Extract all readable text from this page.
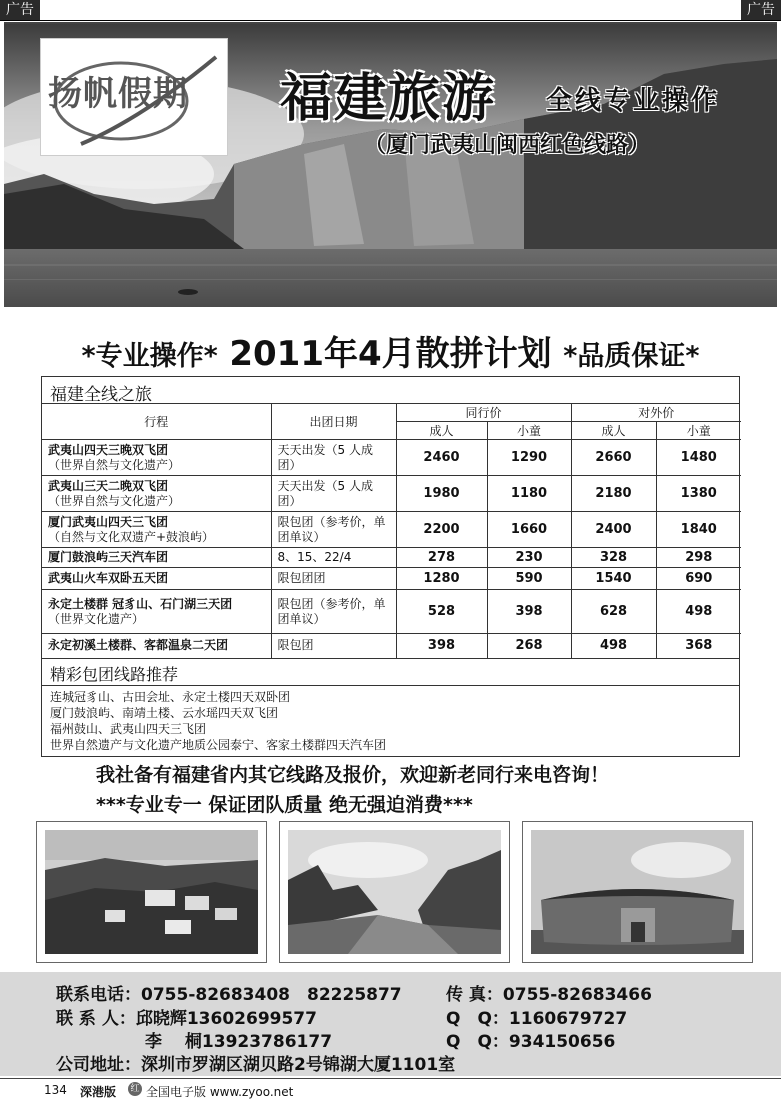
广告	广告
扬帆假期 福建旅游 全线专业操作
（厦门武夷山闽西红色线路）
*专业操作* 2011年4月散拼计划 *品质保证*
福建全线之旅
行程	出团日期	同行价		对外价	
		成人	小童	成人	小童

武夷山四天三晚双飞团
（世界自然与文化遗产）	天天出发（5 人成团）	2460	1290	2660	1480

武夷山三天二晚双飞团
（世界自然与文化遗产）	天天出发（5 人成团）	1980	1180	2180	1380

厦门武夷山四天三飞团
（自然与文化双遗产+鼓浪屿）	限包团（参考价，单团单议）	2200	1660	2400	1840

厦门鼓浪屿三天汽车团	8、15、22/4	278	230	328	298

武夷山火车双卧五天团	限包团团	1280	590	1540	690

永定土楼群 冠豸山、石门湖三天团
（世界文化遗产）	限包团（参考价，单团单议）	528	398	628	498

永定初溪土楼群、客都温泉二天团	限包团	398	268	498	368
精彩包团线路推荐
连城冠豸山、古田会址、永定土楼四天双卧团
厦门鼓浪屿、南靖土楼、云水瑶四天双飞团
福州鼓山、武夷山四天三飞团
世界自然遗产与文化遗产地质公园泰宁、客家土楼群四天汽车团
我社备有福建省内其它线路及报价，欢迎新老同行来电咨询！
***专业专一 保证团队质量 绝无强迫消费***
联系电话：0755-82683408　82225877	传 真：0755-82683466
联 系 人：邱晓辉13602699577	Q　Q：1160679727
李　 桐13923786177	Q　Q：934150656
公司地址：深圳市罗湖区湖贝路2号锦湖大厦1101室
134 深港版 红 全国电子版 www.zyoo.net
